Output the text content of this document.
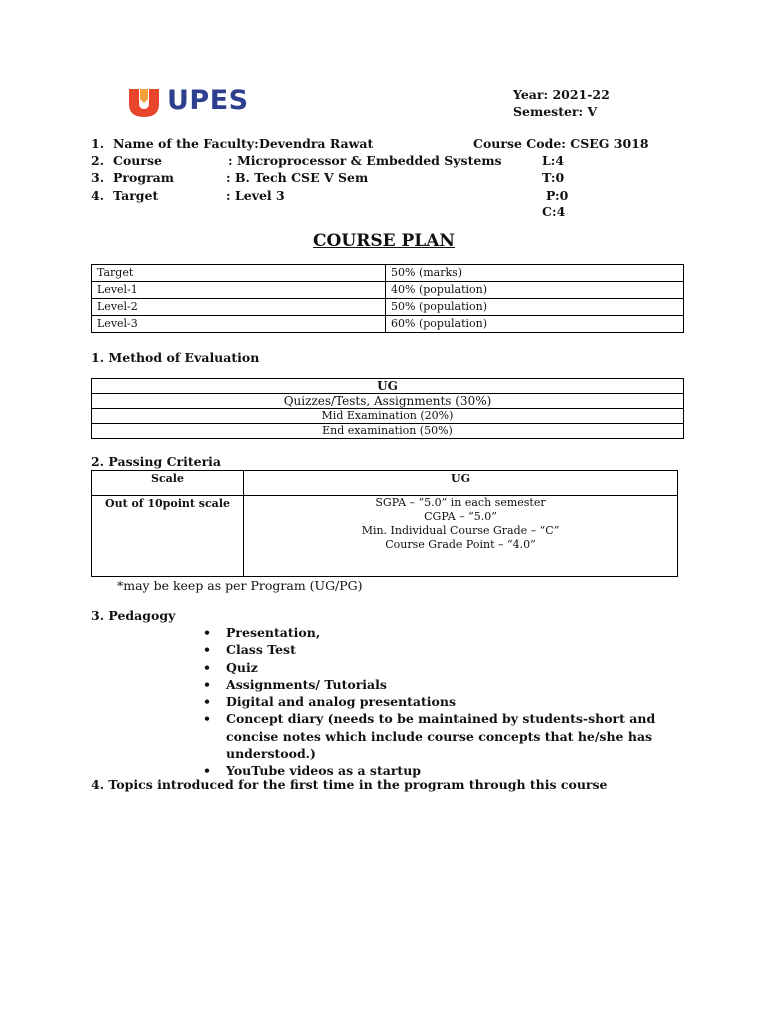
UPES	Year: 2021-22
Semester: V
1. Name of the Faculty: Devendra Rawat	Course Code: CSEG 3018
2. Course	: Microprocessor & Embedded Systems	L:4
3. Program	: B. Tech CSE V Sem	T:0
4. Target	: Level 3	P:0
C:4
COURSE PLAN
Target	50% (marks)
Level-1	40% (population)
Level-2	50% (population)
Level-3	60% (population)
1. Method of Evaluation
UG
Quizzes/Tests, Assignments (30%)
Mid Examination (20%)
End examination (50%)
2. Passing Criteria
Scale	UG
Out of 10point scale	SGPA – “5.0” in each semester
CGPA – “5.0”
Min. Individual Course Grade – “C”
Course Grade Point – “4.0”
*may be keep as per Program (UG/PG)
3. Pedagogy
• Presentation,
• Class Test
• Quiz
• Assignments/ Tutorials
• Digital and analog presentations
• Concept diary (needs to be maintained by students-short and concise notes which include course concepts that he/she has understood.)
• YouTube videos as a startup
4. Topics introduced for the first time in the program through this course
